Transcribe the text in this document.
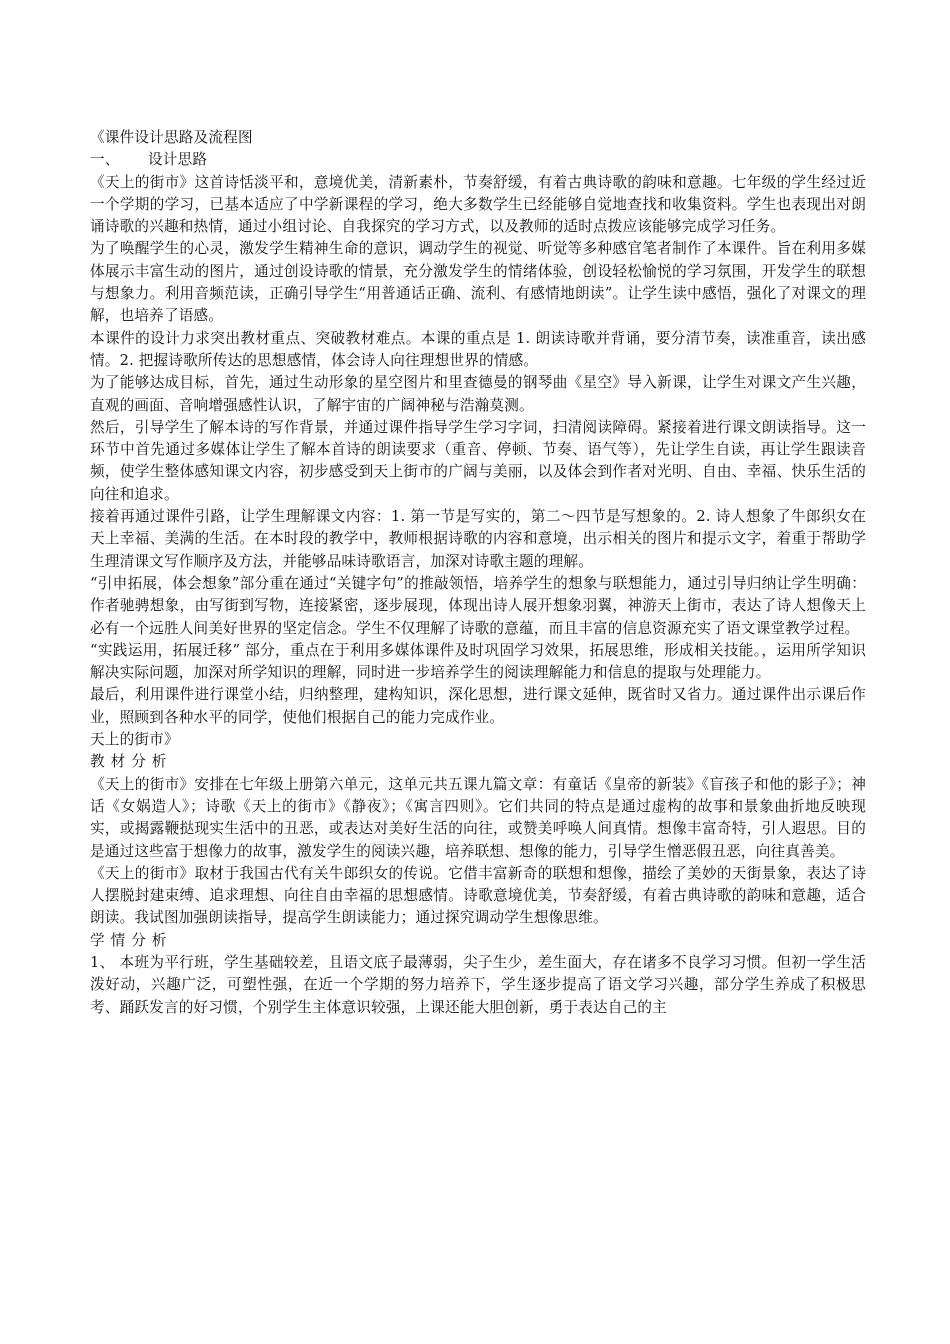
《课件设计思路及流程图

一、 设计思路

《天上的街市》这首诗恬淡平和，意境优美，清新素朴，节奏舒缓，有着古典诗歌的韵味和意趣。七年级的学生经过近一个学期的学习，已基本适应了中学新课程的学习，绝大多数学生已经能够自觉地查找和收集资料。学生也表现出对朗诵诗歌的兴趣和热情，通过小组讨论、自我探究的学习方式，以及教师的适时点拨应该能够完成学习任务。

为了唤醒学生的心灵，激发学生精神生命的意识，调动学生的视觉、听觉等多种感官笔者制作了本课件。旨在利用多媒体展示丰富生动的图片，通过创设诗歌的情景，充分激发学生的情绪体验，创设轻松愉悦的学习氛围，开发学生的联想与想象力。利用音频范读，正确引导学生“用普通话正确、流利、有感情地朗读”。让学生读中感悟，强化了对课文的理解，也培养了语感。

本课件的设计力求突出教材重点、突破教材难点。本课的重点是 1. 朗读诗歌并背诵，要分清节奏，读准重音，读出感情。2. 把握诗歌所传达的思想感情，体会诗人向往理想世界的情感。

为了能够达成目标，首先，通过生动形象的星空图片和里查德曼的钢琴曲《星空》导入新课，让学生对课文产生兴趣，直观的画面、音响增强感性认识，了解宇宙的广阔神秘与浩瀚莫测。

然后，引导学生了解本诗的写作背景，并通过课件指导学生学习字词，扫清阅读障碍。紧接着进行课文朗读指导。这一环节中首先通过多媒体让学生了解本首诗的朗读要求（重音、停顿、节奏、语气等），先让学生自读，再让学生跟读音频，使学生整体感知课文内容，初步感受到天上街市的广阔与美丽，以及体会到作者对光明、自由、幸福、快乐生活的向往和追求。

接着再通过课件引路，让学生理解课文内容：1. 第一节是写实的，第二～四节是写想象的。2. 诗人想象了牛郎织女在天上幸福、美满的生活。在本时段的教学中，教师根据诗歌的内容和意境，出示相关的图片和提示文字，着重于帮助学生理清课文写作顺序及方法，并能够品味诗歌语言，加深对诗歌主题的理解。

“引申拓展，体会想象”部分重在通过“关键字句”的推敲领悟，培养学生的想象与联想能力，通过引导归纳让学生明确：作者驰骋想象，由写街到写物，连接紧密，逐步展现，体现出诗人展开想象羽翼，神游天上街市，表达了诗人想像天上必有一个远胜人间美好世界的坚定信念。学生不仅理解了诗歌的意蕴，而且丰富的信息资源充实了语文课堂教学过程。

“实践运用，拓展迁移” 部分，重点在于利用多媒体课件及时巩固学习效果，拓展思维，形成相关技能。，运用所学知识解决实际问题，加深对所学知识的理解，同时进一步培养学生的阅读理解能力和信息的提取与处理能力。

最后，利用课件进行课堂小结，归纳整理，建构知识，深化思想，进行课文延伸，既省时又省力。通过课件出示课后作业，照顾到各种水平的同学，使他们根据自己的能力完成作业。

天上的街市》

教材分析

《天上的街市》安排在七年级上册第六单元，这单元共五课九篇文章：有童话《皇帝的新装》《盲孩子和他的影子》；神话《女娲造人》；诗歌《天上的街市》《静夜》；《寓言四则》。它们共同的特点是通过虚构的故事和景象曲折地反映现实，或揭露鞭挞现实生活中的丑恶，或表达对美好生活的向往，或赞美呼唤人间真情。想像丰富奇特，引人遐思。目的是通过这些富于想像力的故事，激发学生的阅读兴趣，培养联想、想像的能力，引导学生憎恶假丑恶，向往真善美。

《天上的街市》取材于我国古代有关牛郎织女的传说。它借丰富新奇的联想和想像，描绘了美妙的天街景象，表达了诗人摆脱封建束缚、追求理想、向往自由幸福的思想感情。诗歌意境优美，节奏舒缓，有着古典诗歌的韵味和意趣，适合朗读。我试图加强朗读指导，提高学生朗读能力；通过探究调动学生想像思维。

学情分析

1、 本班为平行班，学生基础较差，且语文底子最薄弱，尖子生少，差生面大，存在诸多不良学习习惯。但初一学生活泼好动，兴趣广泛，可塑性强，在近一个学期的努力培养下，学生逐步提高了语文学习兴趣，部分学生养成了积极思考、踊跃发言的好习惯，个别学生主体意识较强，上课还能大胆创新，勇于表达自己的主
